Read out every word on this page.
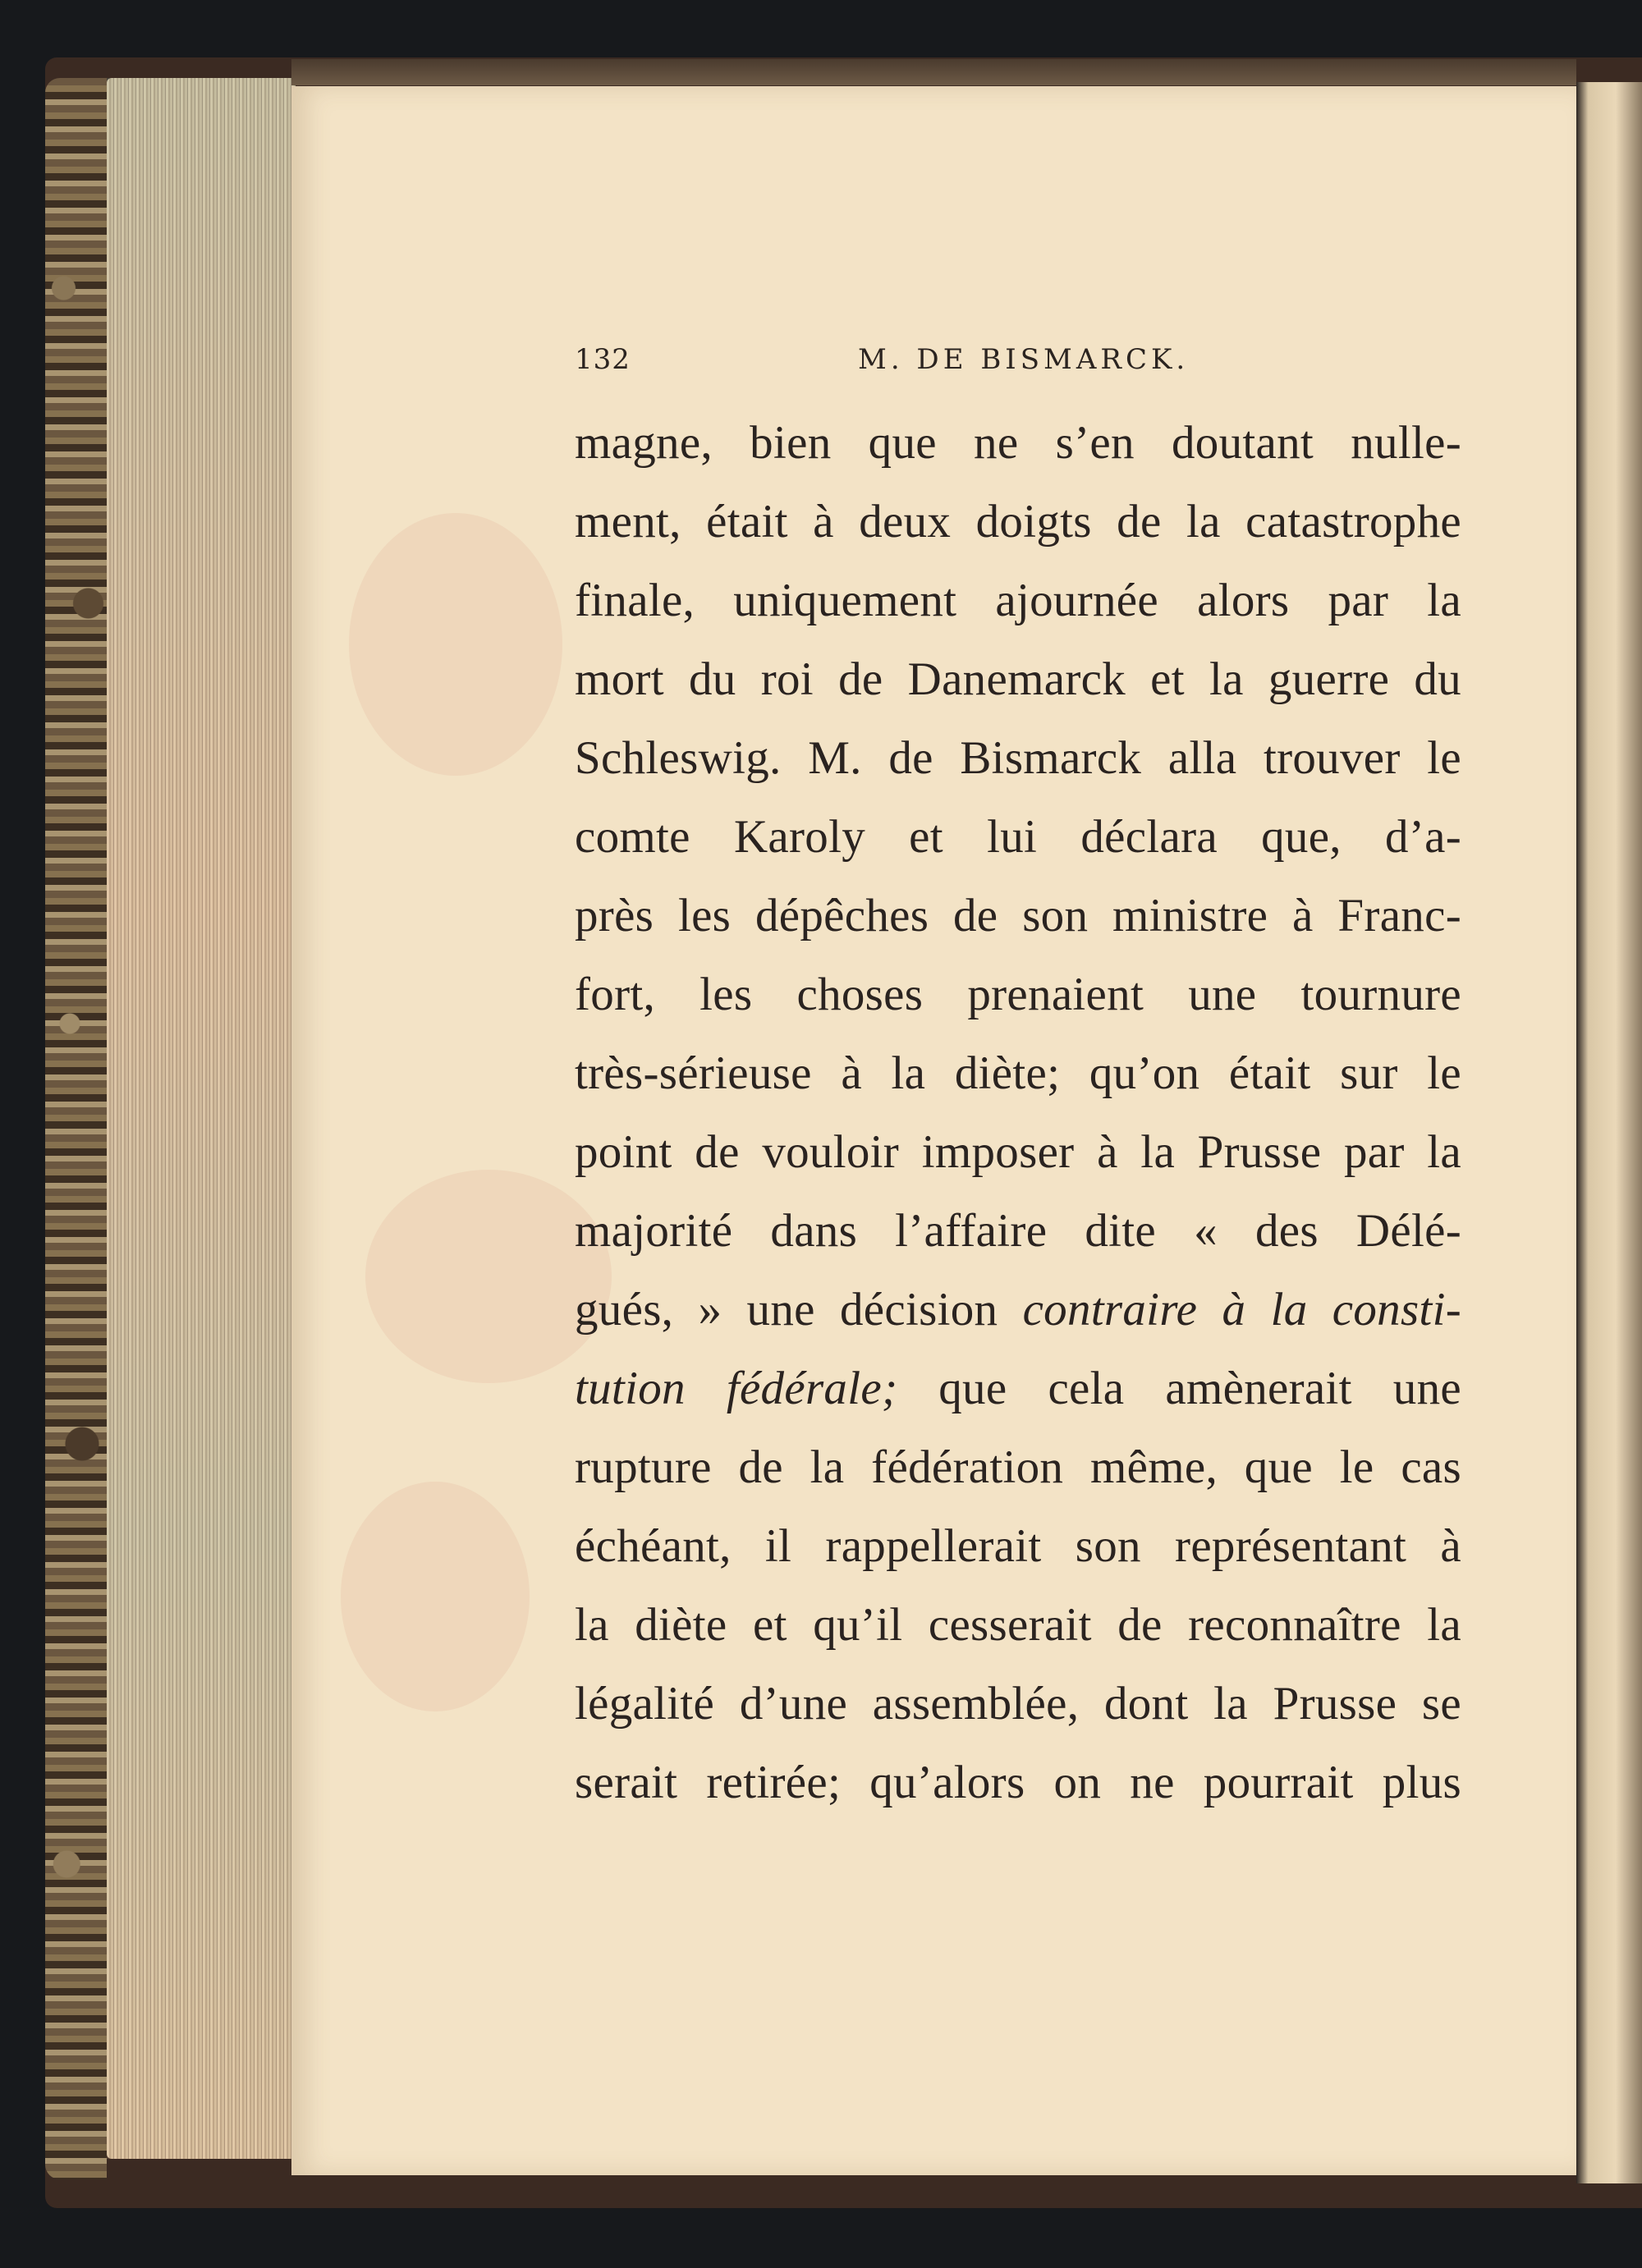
132	M. DE BISMARCK.
magne, bien que ne s’en doutant nulle-
ment, était à deux doigts de la catastrophe
finale, uniquement ajournée alors par la
mort du roi de Danemarck et la guerre du
Schleswig. M. de Bismarck alla trouver le
comte Karoly et lui déclara que, d’a-
près les dépêches de son ministre à Franc-
fort, les choses prenaient une tournure
très-sérieuse à la diète; qu’on était sur le
point de vouloir imposer à la Prusse par la
majorité dans l’affaire dite « des Délé-
gués, » une décision contraire à la consti-
tution fédérale; que cela amènerait une
rupture de la fédération même, que le cas
échéant, il rappellerait son représentant à
la diète et qu’il cesserait de reconnaître la
légalité d’une assemblée, dont la Prusse se
serait retirée; qu’alors on ne pourrait plus
